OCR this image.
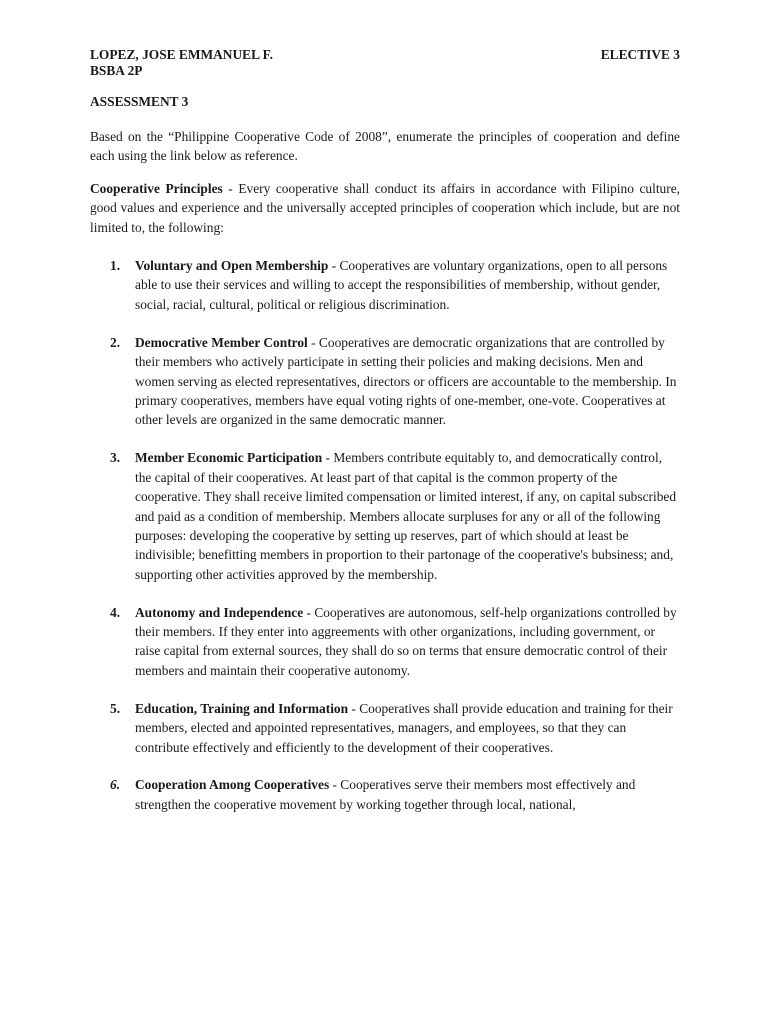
LOPEZ, JOSE EMMANUEL F.	ELECTIVE 3
BSBA 2P
ASSESSMENT 3
Based on the “Philippine Cooperative Code of 2008”, enumerate the principles of cooperation and define each using the link below as reference.
Cooperative Principles - Every cooperative shall conduct its affairs in accordance with Filipino culture, good values and experience and the universally accepted principles of cooperation which include, but are not limited to, the following:
1. Voluntary and Open Membership - Cooperatives are voluntary organizations, open to all persons able to use their services and willing to accept the responsibilities of membership, without gender, social, racial, cultural, political or religious discrimination.
2. Democrative Member Control - Cooperatives are democratic organizations that are controlled by their members who actively participate in setting their policies and making decisions. Men and women serving as elected representatives, directors or officers are accountable to the membership. In primary cooperatives, members have equal voting rights of one-member, one-vote. Cooperatives at other levels are organized in the same democratic manner.
3. Member Economic Participation - Members contribute equitably to, and democratically control, the capital of their cooperatives. At least part of that capital is the common property of the cooperative. They shall receive limited compensation or limited interest, if any, on capital subscribed and paid as a condition of membership. Members allocate surpluses for any or all of the following purposes: developing the cooperative by setting up reserves, part of which should at least be indivisible; benefitting members in proportion to their partonage of the cooperative's bubsiness; and, supporting other activities approved by the membership.
4. Autonomy and Independence - Cooperatives are autonomous, self-help organizations controlled by their members. If they enter into aggreements with other organizations, including government, or raise capital from external sources, they shall do so on terms that ensure democratic control of their members and maintain their cooperative autonomy.
5. Education, Training and Information - Cooperatives shall provide education and training for their members, elected and appointed representatives, managers, and employees, so that they can contribute effectively and efficiently to the development of their cooperatives.
6. Cooperation Among Cooperatives - Cooperatives serve their members most effectively and strengthen the cooperative movement by working together through local, national,
